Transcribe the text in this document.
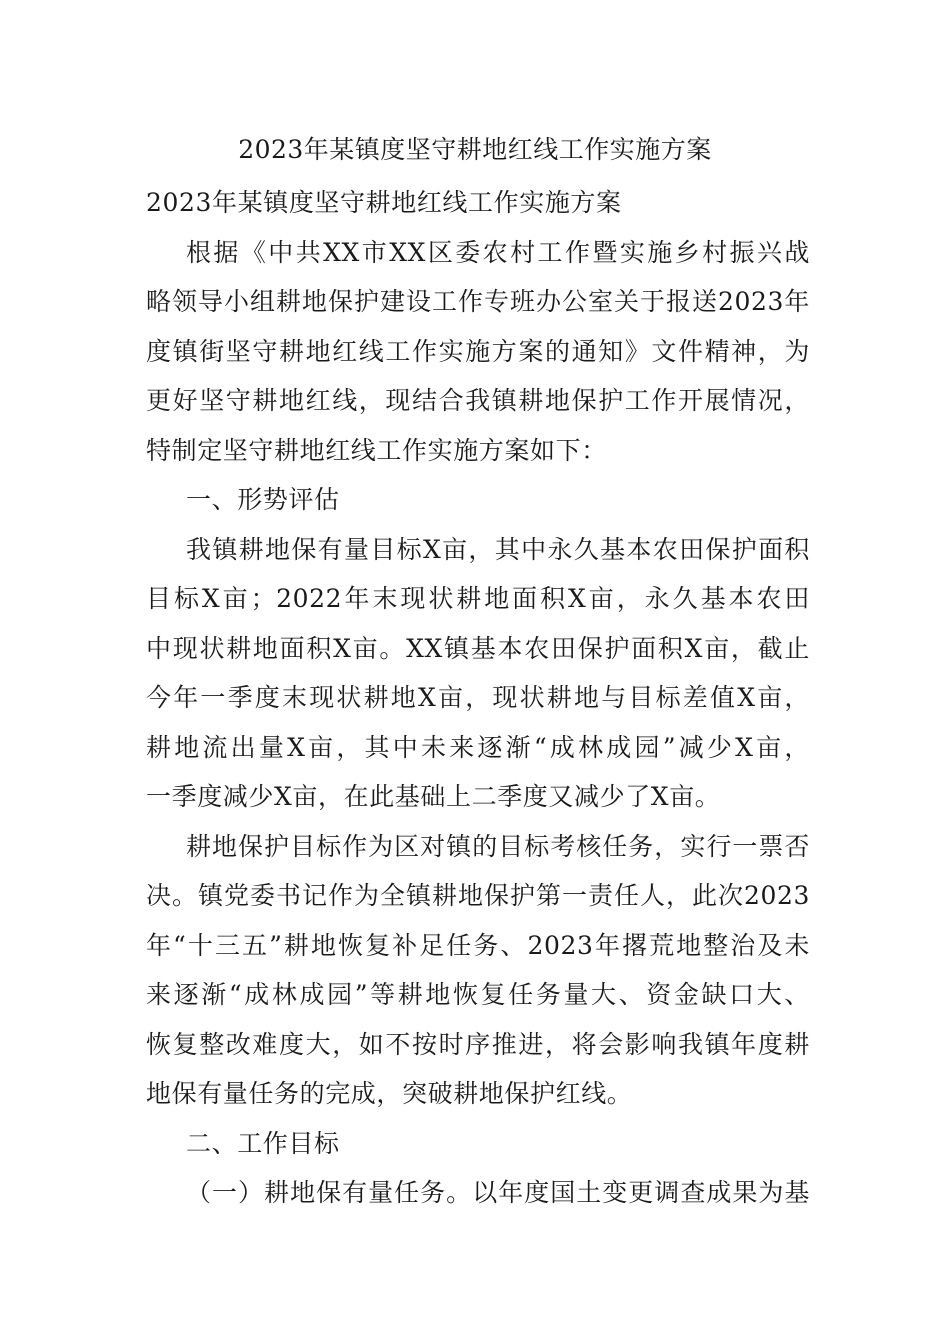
2023年某镇度坚守耕地红线工作实施方案
2023年某镇度坚守耕地红线工作实施方案
根据《中共XX市XX区委农村工作暨实施乡村振兴战
略领导小组耕地保护建设工作专班办公室关于报送2023年
度镇街坚守耕地红线工作实施方案的通知》文件精神，为
更好坚守耕地红线，现结合我镇耕地保护工作开展情况，
特制定坚守耕地红线工作实施方案如下：
一、形势评估
我镇耕地保有量目标X亩，其中永久基本农田保护面积
目标X亩；2022年末现状耕地面积X亩，永久基本农田
中现状耕地面积X亩。XX镇基本农田保护面积X亩，截止
今年一季度末现状耕地X亩，现状耕地与目标差值X亩，
耕地流出量X亩，其中未来逐渐“成林成园”减少X亩，
一季度减少X亩，在此基础上二季度又减少了X亩。
耕地保护目标作为区对镇的目标考核任务，实行一票否
决。镇党委书记作为全镇耕地保护第一责任人，此次2023
年“十三五”耕地恢复补足任务、2023年撂荒地整治及未
来逐渐“成林成园”等耕地恢复任务量大、资金缺口大、
恢复整改难度大，如不按时序推进，将会影响我镇年度耕
地保有量任务的完成，突破耕地保护红线。
二、工作目标
（一）耕地保有量任务。以年度国土变更调查成果为基
